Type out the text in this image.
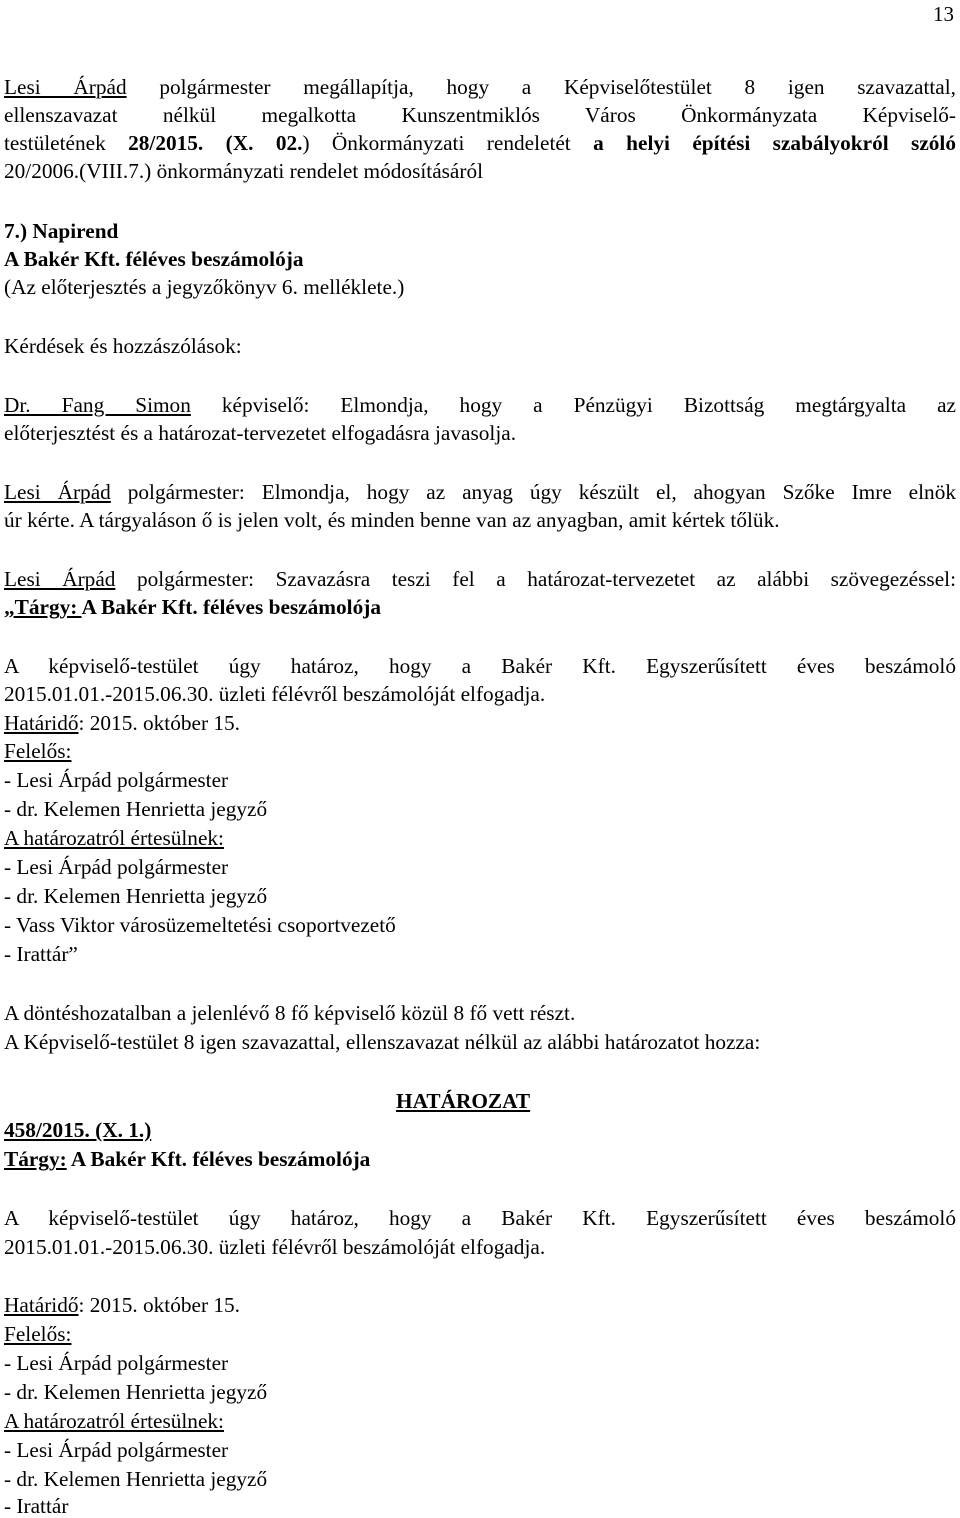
13
Lesi Árpád polgármester megállapítja, hogy a Képviselőtestület 8 igen szavazattal,
ellenszavazat nélkül megalkotta Kunszentmiklós Város Önkormányzata Képviselő-
testületének 28/2015. (X. 02.) Önkormányzati rendeletét a helyi építési szabályokról szóló
20/2006.(VIII.7.) önkormányzati rendelet módosításáról
7.) Napirend
A Bakér Kft. féléves beszámolója
(Az előterjesztés a jegyzőkönyv 6. melléklete.)
Kérdések és hozzászólások:
Dr. Fang Simon képviselő: Elmondja, hogy a Pénzügyi Bizottság megtárgyalta az
előterjesztést és a határozat-tervezetet elfogadásra javasolja.
Lesi Árpád polgármester: Elmondja, hogy az anyag úgy készült el, ahogyan Szőke Imre elnök
úr kérte. A tárgyaláson ő is jelen volt, és minden benne van az anyagban, amit kértek tőlük.
Lesi Árpád polgármester: Szavazásra teszi fel a határozat-tervezetet az alábbi szövegezéssel:
„Tárgy: A Bakér Kft. féléves beszámolója
A képviselő-testület úgy határoz, hogy a Bakér Kft. Egyszerűsített éves beszámoló
2015.01.01.-2015.06.30. üzleti félévről beszámolóját elfogadja.
Határidő: 2015. október 15.
Felelős:
- Lesi Árpád polgármester
- dr. Kelemen Henrietta jegyző
A határozatról értesülnek:
- Lesi Árpád polgármester
- dr. Kelemen Henrietta jegyző
- Vass Viktor városüzemeltetési csoportvezető
- Irattár”
A döntéshozatalban a jelenlévő 8 fő képviselő közül 8 fő vett részt.
A Képviselő-testület 8 igen szavazattal, ellenszavazat nélkül az alábbi határozatot hozza:
HATÁROZAT
458/2015. (X. 1.)
Tárgy: A Bakér Kft. féléves beszámolója
A képviselő-testület úgy határoz, hogy a Bakér Kft. Egyszerűsített éves beszámoló
2015.01.01.-2015.06.30. üzleti félévről beszámolóját elfogadja.
Határidő: 2015. október 15.
Felelős:
- Lesi Árpád polgármester
- dr. Kelemen Henrietta jegyző
A határozatról értesülnek:
- Lesi Árpád polgármester
- dr. Kelemen Henrietta jegyző
- Irattár
